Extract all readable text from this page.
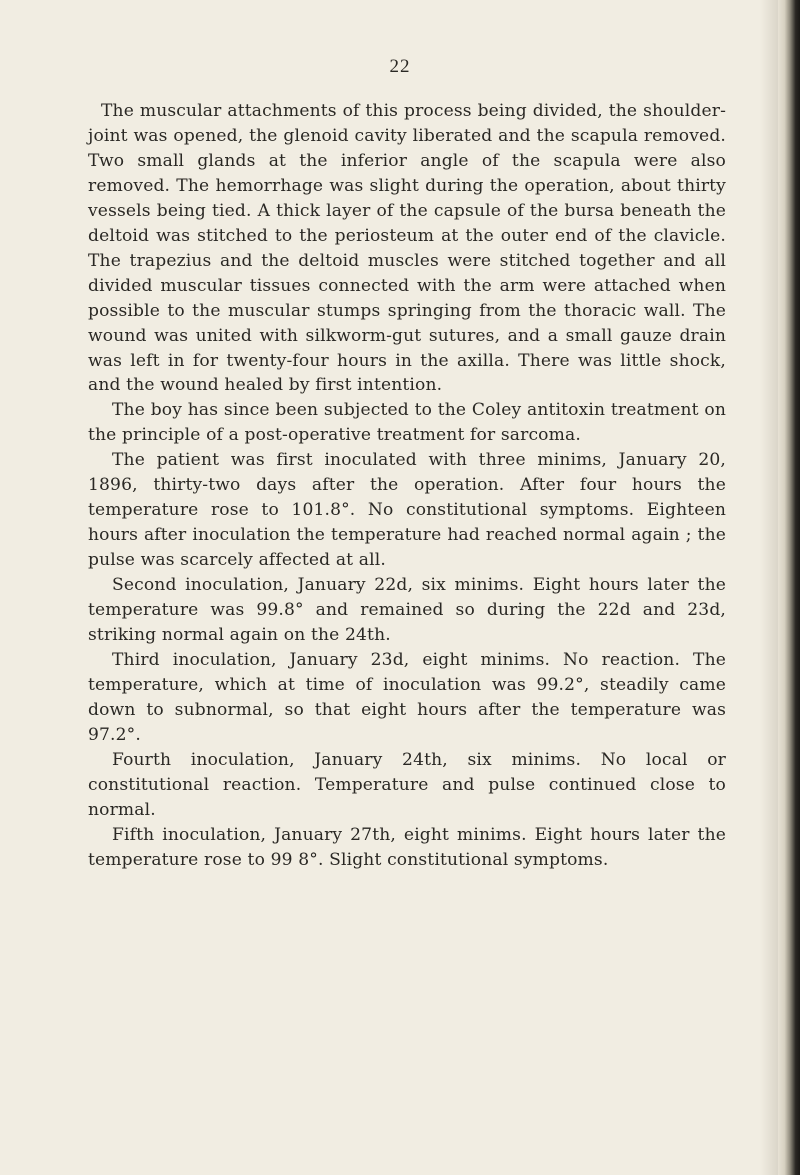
22

The muscular attachments of this process being divided, the shoulder-joint was opened, the glenoid cavity liberated and the scapula removed. Two small glands at the inferior angle of the scapula were also removed. The hemorrhage was slight during the operation, about thirty vessels being tied. A thick layer of the capsule of the bursa beneath the deltoid was stitched to the periosteum at the outer end of the clavicle. The trapezius and the deltoid muscles were stitched together and all divided muscular tissues connected with the arm were attached when possible to the muscular stumps springing from the thoracic wall. The wound was united with silkworm-gut sutures, and a small gauze drain was left in for twenty-four hours in the axilla. There was little shock, and the wound healed by first intention.

The boy has since been subjected to the Coley antitoxin treatment on the principle of a post-operative treatment for sarcoma.

The patient was first inoculated with three minims, January 20, 1896, thirty-two days after the operation. After four hours the temperature rose to 101.8°. No constitutional symptoms. Eighteen hours after inoculation the temperature had reached normal again ; the pulse was scarcely affected at all.

Second inoculation, January 22d, six minims. Eight hours later the temperature was 99.8° and remained so during the 22d and 23d, striking normal again on the 24th.

Third inoculation, January 23d, eight minims. No reaction. The temperature, which at time of inoculation was 99.2°, steadily came down to subnormal, so that eight hours after the temperature was 97.2°.

Fourth inoculation, January 24th, six minims. No local or constitutional reaction. Temperature and pulse continued close to normal.

Fifth inoculation, January 27th, eight minims. Eight hours later the temperature rose to 99 8°. Slight constitutional symptoms.
